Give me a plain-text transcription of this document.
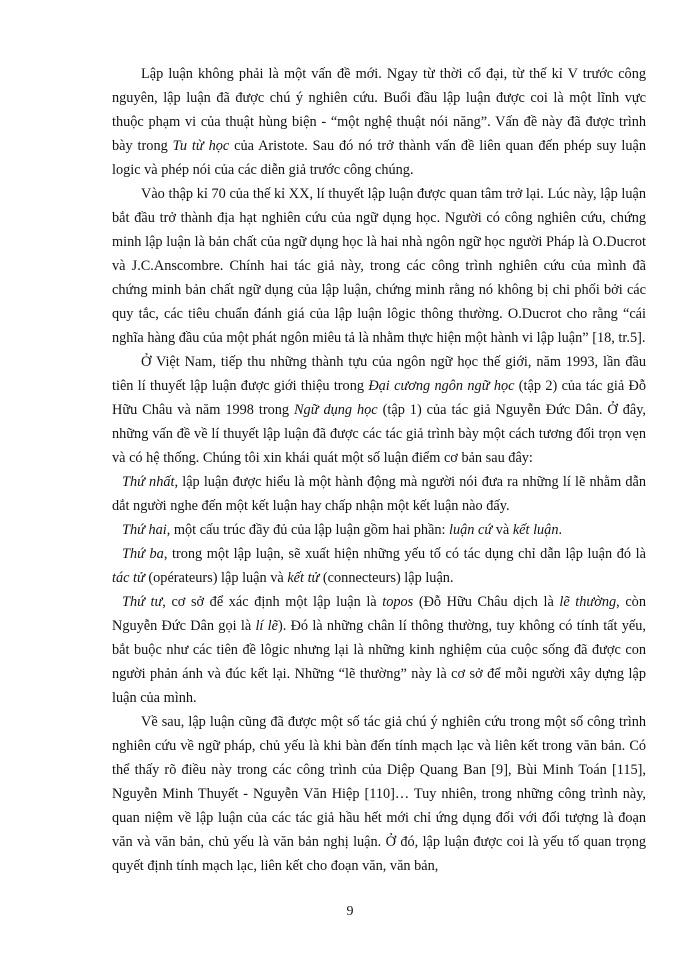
Lập luận không phải là một vấn đề mới. Ngay từ thời cổ đại, từ thế kỉ V trước công nguyên, lập luận đã được chú ý nghiên cứu. Buổi đầu lập luận được coi là một lĩnh vực thuộc phạm vi của thuật hùng biện - “một nghệ thuật nói năng”. Vấn đề này đã được trình bày trong Tu từ học của Aristote. Sau đó nó trở thành vấn đề liên quan đến phép suy luận logic và phép nói của các diễn giả trước công chúng.

Vào thập kỉ 70 của thế kỉ XX, lí thuyết lập luận được quan tâm trở lại. Lúc này, lập luận bắt đầu trở thành địa hạt nghiên cứu của ngữ dụng học. Người có công nghiên cứu, chứng minh lập luận là bản chất của ngữ dụng học là hai nhà ngôn ngữ học người Pháp là O.Ducrot và J.C.Anscombre. Chính hai tác giả này, trong các công trình nghiên cứu của mình đã chứng minh bản chất ngữ dụng của lập luận, chứng minh rằng nó không bị chi phối bởi các quy tắc, các tiêu chuẩn đánh giá của lập luận lôgic thông thường. O.Ducrot cho rằng “cái nghĩa hàng đầu của một phát ngôn miêu tả là nhằm thực hiện một hành vi lập luận” [18, tr.5].

Ở Việt Nam, tiếp thu những thành tựu của ngôn ngữ học thế giới, năm 1993, lần đầu tiên lí thuyết lập luận được giới thiệu trong Đại cương ngôn ngữ học (tập 2) của tác giả Đỗ Hữu Châu và năm 1998 trong Ngữ dụng học (tập 1) của tác giả Nguyễn Đức Dân. Ở đây, những vấn đề về lí thuyết lập luận đã được các tác giả trình bày một cách tương đối trọn vẹn và có hệ thống. Chúng tôi xin khái quát một số luận điểm cơ bản sau đây:

Thứ nhất, lập luận được hiểu là một hành động mà người nói đưa ra những lí lẽ nhằm dẫn dắt người nghe đến một kết luận hay chấp nhận một kết luận nào đấy.

Thứ hai, một cấu trúc đầy đủ của lập luận gồm hai phần: luận cứ và kết luận.

Thứ ba, trong một lập luận, sẽ xuất hiện những yếu tố có tác dụng chỉ dẫn lập luận đó là tác tử (opérateurs) lập luận và kết tử (connecteurs) lập luận.

Thứ tư, cơ sở để xác định một lập luận là topos (Đỗ Hữu Châu dịch là lẽ thường, còn Nguyễn Đức Dân gọi là lí lẽ). Đó là những chân lí thông thường, tuy không có tính tất yếu, bắt buộc như các tiên đề lôgic nhưng lại là những kinh nghiệm của cuộc sống đã được con người phản ánh và đúc kết lại. Những “lẽ thường” này là cơ sở để mỗi người xây dựng lập luận của mình.

Về sau, lập luận cũng đã được một số tác giả chú ý nghiên cứu trong một số công trình nghiên cứu về ngữ pháp, chủ yếu là khi bàn đến tính mạch lạc và liên kết trong văn bản. Có thể thấy rõ điều này trong các công trình của Diệp Quang Ban [9], Bùi Minh Toán [115], Nguyễn Minh Thuyết - Nguyễn Văn Hiệp [110]… Tuy nhiên, trong những công trình này, quan niệm về lập luận của các tác giả hầu hết mới chỉ ứng dụng đối với đối tượng là đoạn văn và văn bản, chủ yếu là văn bản nghị luận. Ở đó, lập luận được coi là yếu tố quan trọng quyết định tính mạch lạc, liên kết cho đoạn văn, văn bản,

9
